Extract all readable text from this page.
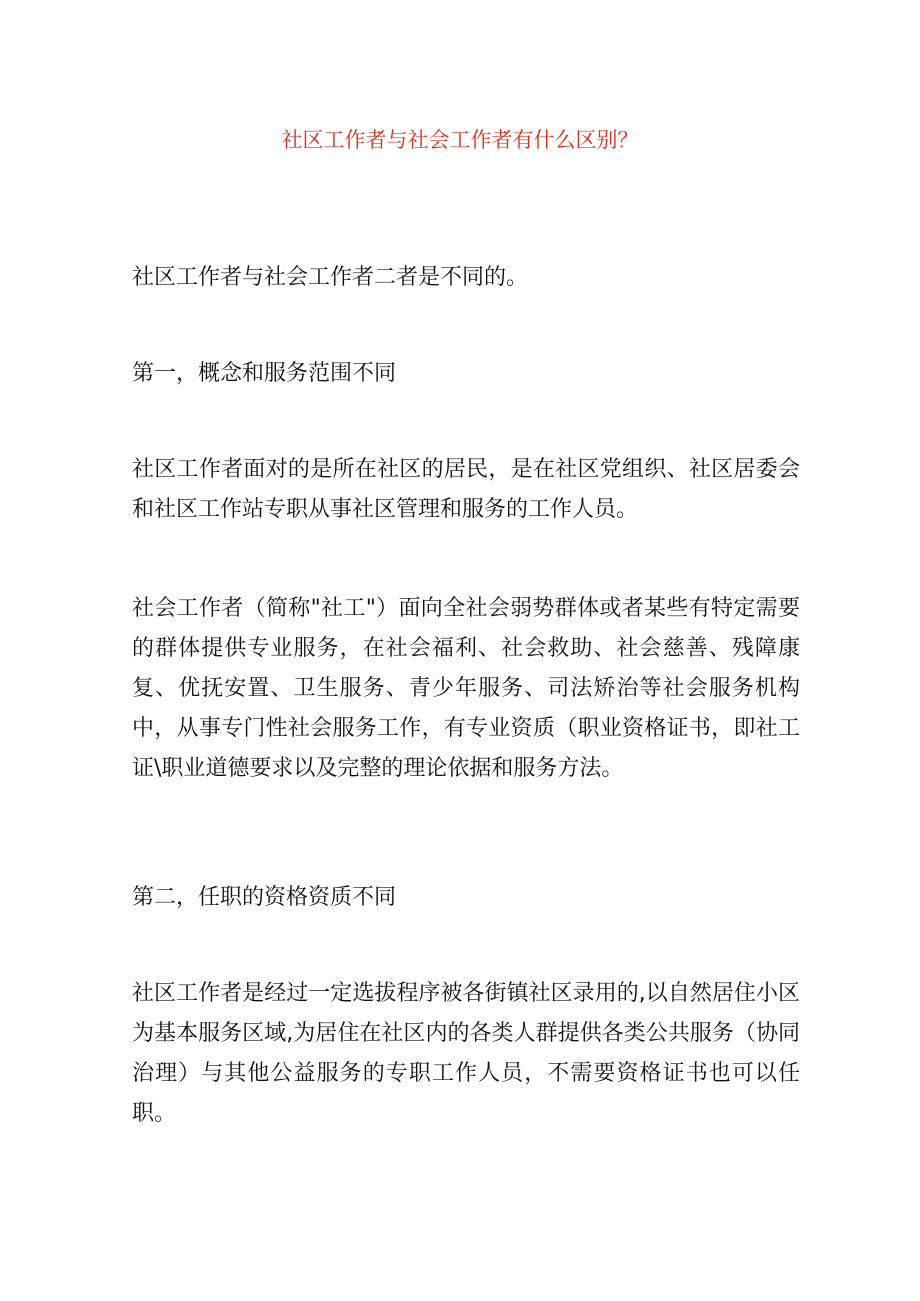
社区工作者与社会工作者有什么区别？

社区工作者与社会工作者二者是不同的。

第一，概念和服务范围不同

社区工作者面对的是所在社区的居民，是在社区党组织、社区居委会和社区工作站专职从事社区管理和服务的工作人员。

社会工作者（简称"社工"）面向全社会弱势群体或者某些有特定需要的群体提供专业服务，在社会福利、社会救助、社会慈善、残障康复、优抚安置、卫生服务、青少年服务、司法矫治等社会服务机构中，从事专门性社会服务工作，有专业资质（职业资格证书，即社工证\职业道德要求以及完整的理论依据和服务方法。

第二，任职的资格资质不同

社区工作者是经过一定选拔程序被各街镇社区录用的,以自然居住小区为基本服务区域,为居住在社区内的各类人群提供各类公共服务（协同治理）与其他公益服务的专职工作人员，不需要资格证书也可以任职。
